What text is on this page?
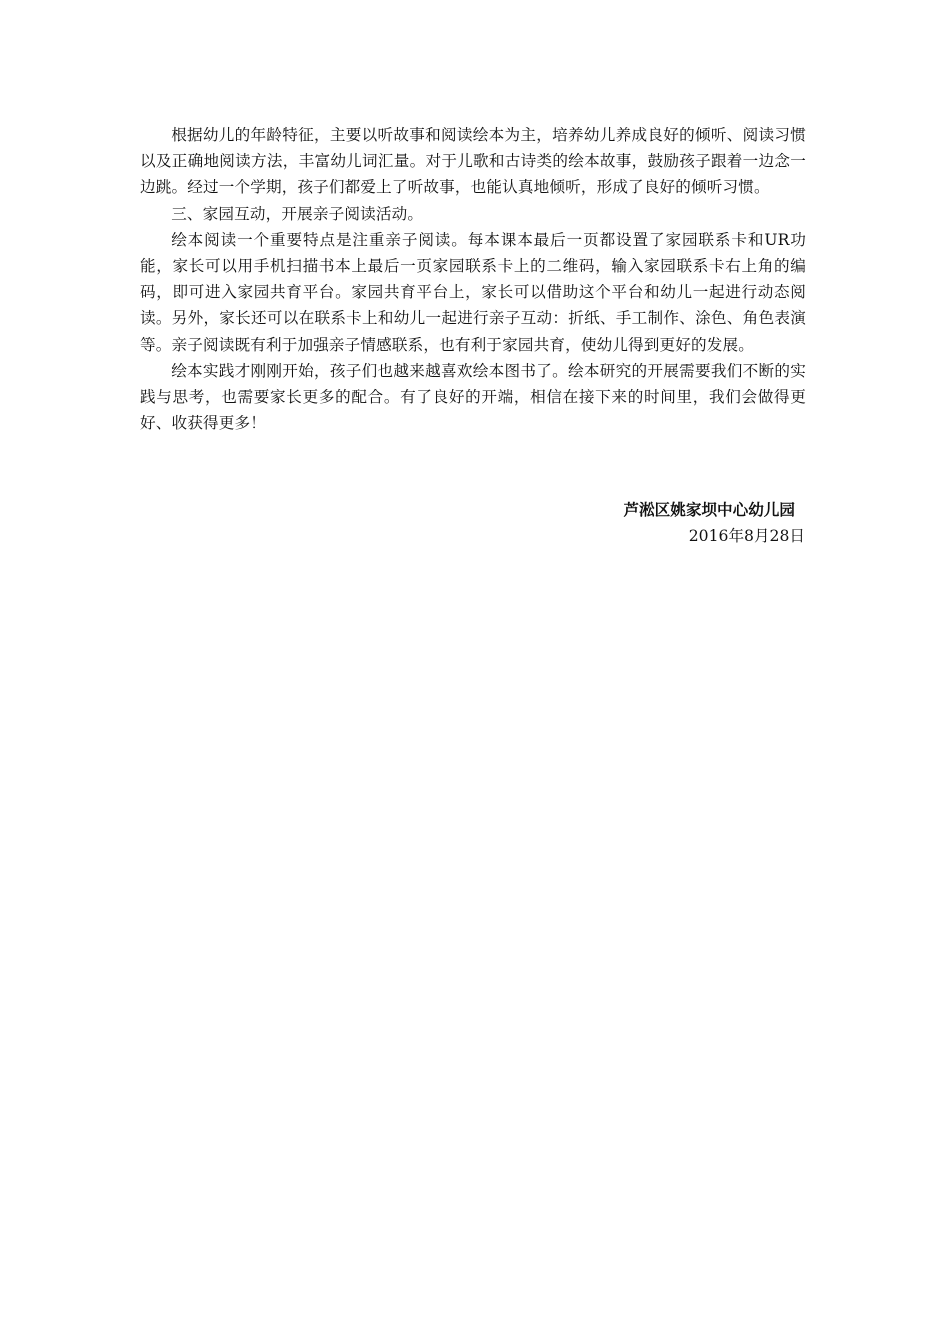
根据幼儿的年龄特征，主要以听故事和阅读绘本为主，培养幼儿养成良好的倾听、阅读习惯以及正确地阅读方法，丰富幼儿词汇量。对于儿歌和古诗类的绘本故事，鼓励孩子跟着一边念一边跳。经过一个学期，孩子们都爱上了听故事，也能认真地倾听，形成了良好的倾听习惯。

三、家园互动，开展亲子阅读活动。

绘本阅读一个重要特点是注重亲子阅读。每本课本最后一页都设置了家园联系卡和UR功能，家长可以用手机扫描书本上最后一页家园联系卡上的二维码，输入家园联系卡右上角的编码，即可进入家园共育平台。家园共育平台上，家长可以借助这个平台和幼儿一起进行动态阅读。另外，家长还可以在联系卡上和幼儿一起进行亲子互动：折纸、手工制作、涂色、角色表演等。亲子阅读既有利于加强亲子情感联系，也有利于家园共育，使幼儿得到更好的发展。

绘本实践才刚刚开始，孩子们也越来越喜欢绘本图书了。绘本研究的开展需要我们不断的实践与思考，也需要家长更多的配合。有了良好的开端，相信在接下来的时间里，我们会做得更好、收获得更多！

芦淞区姚家坝中心幼儿园
2016年8月28日
